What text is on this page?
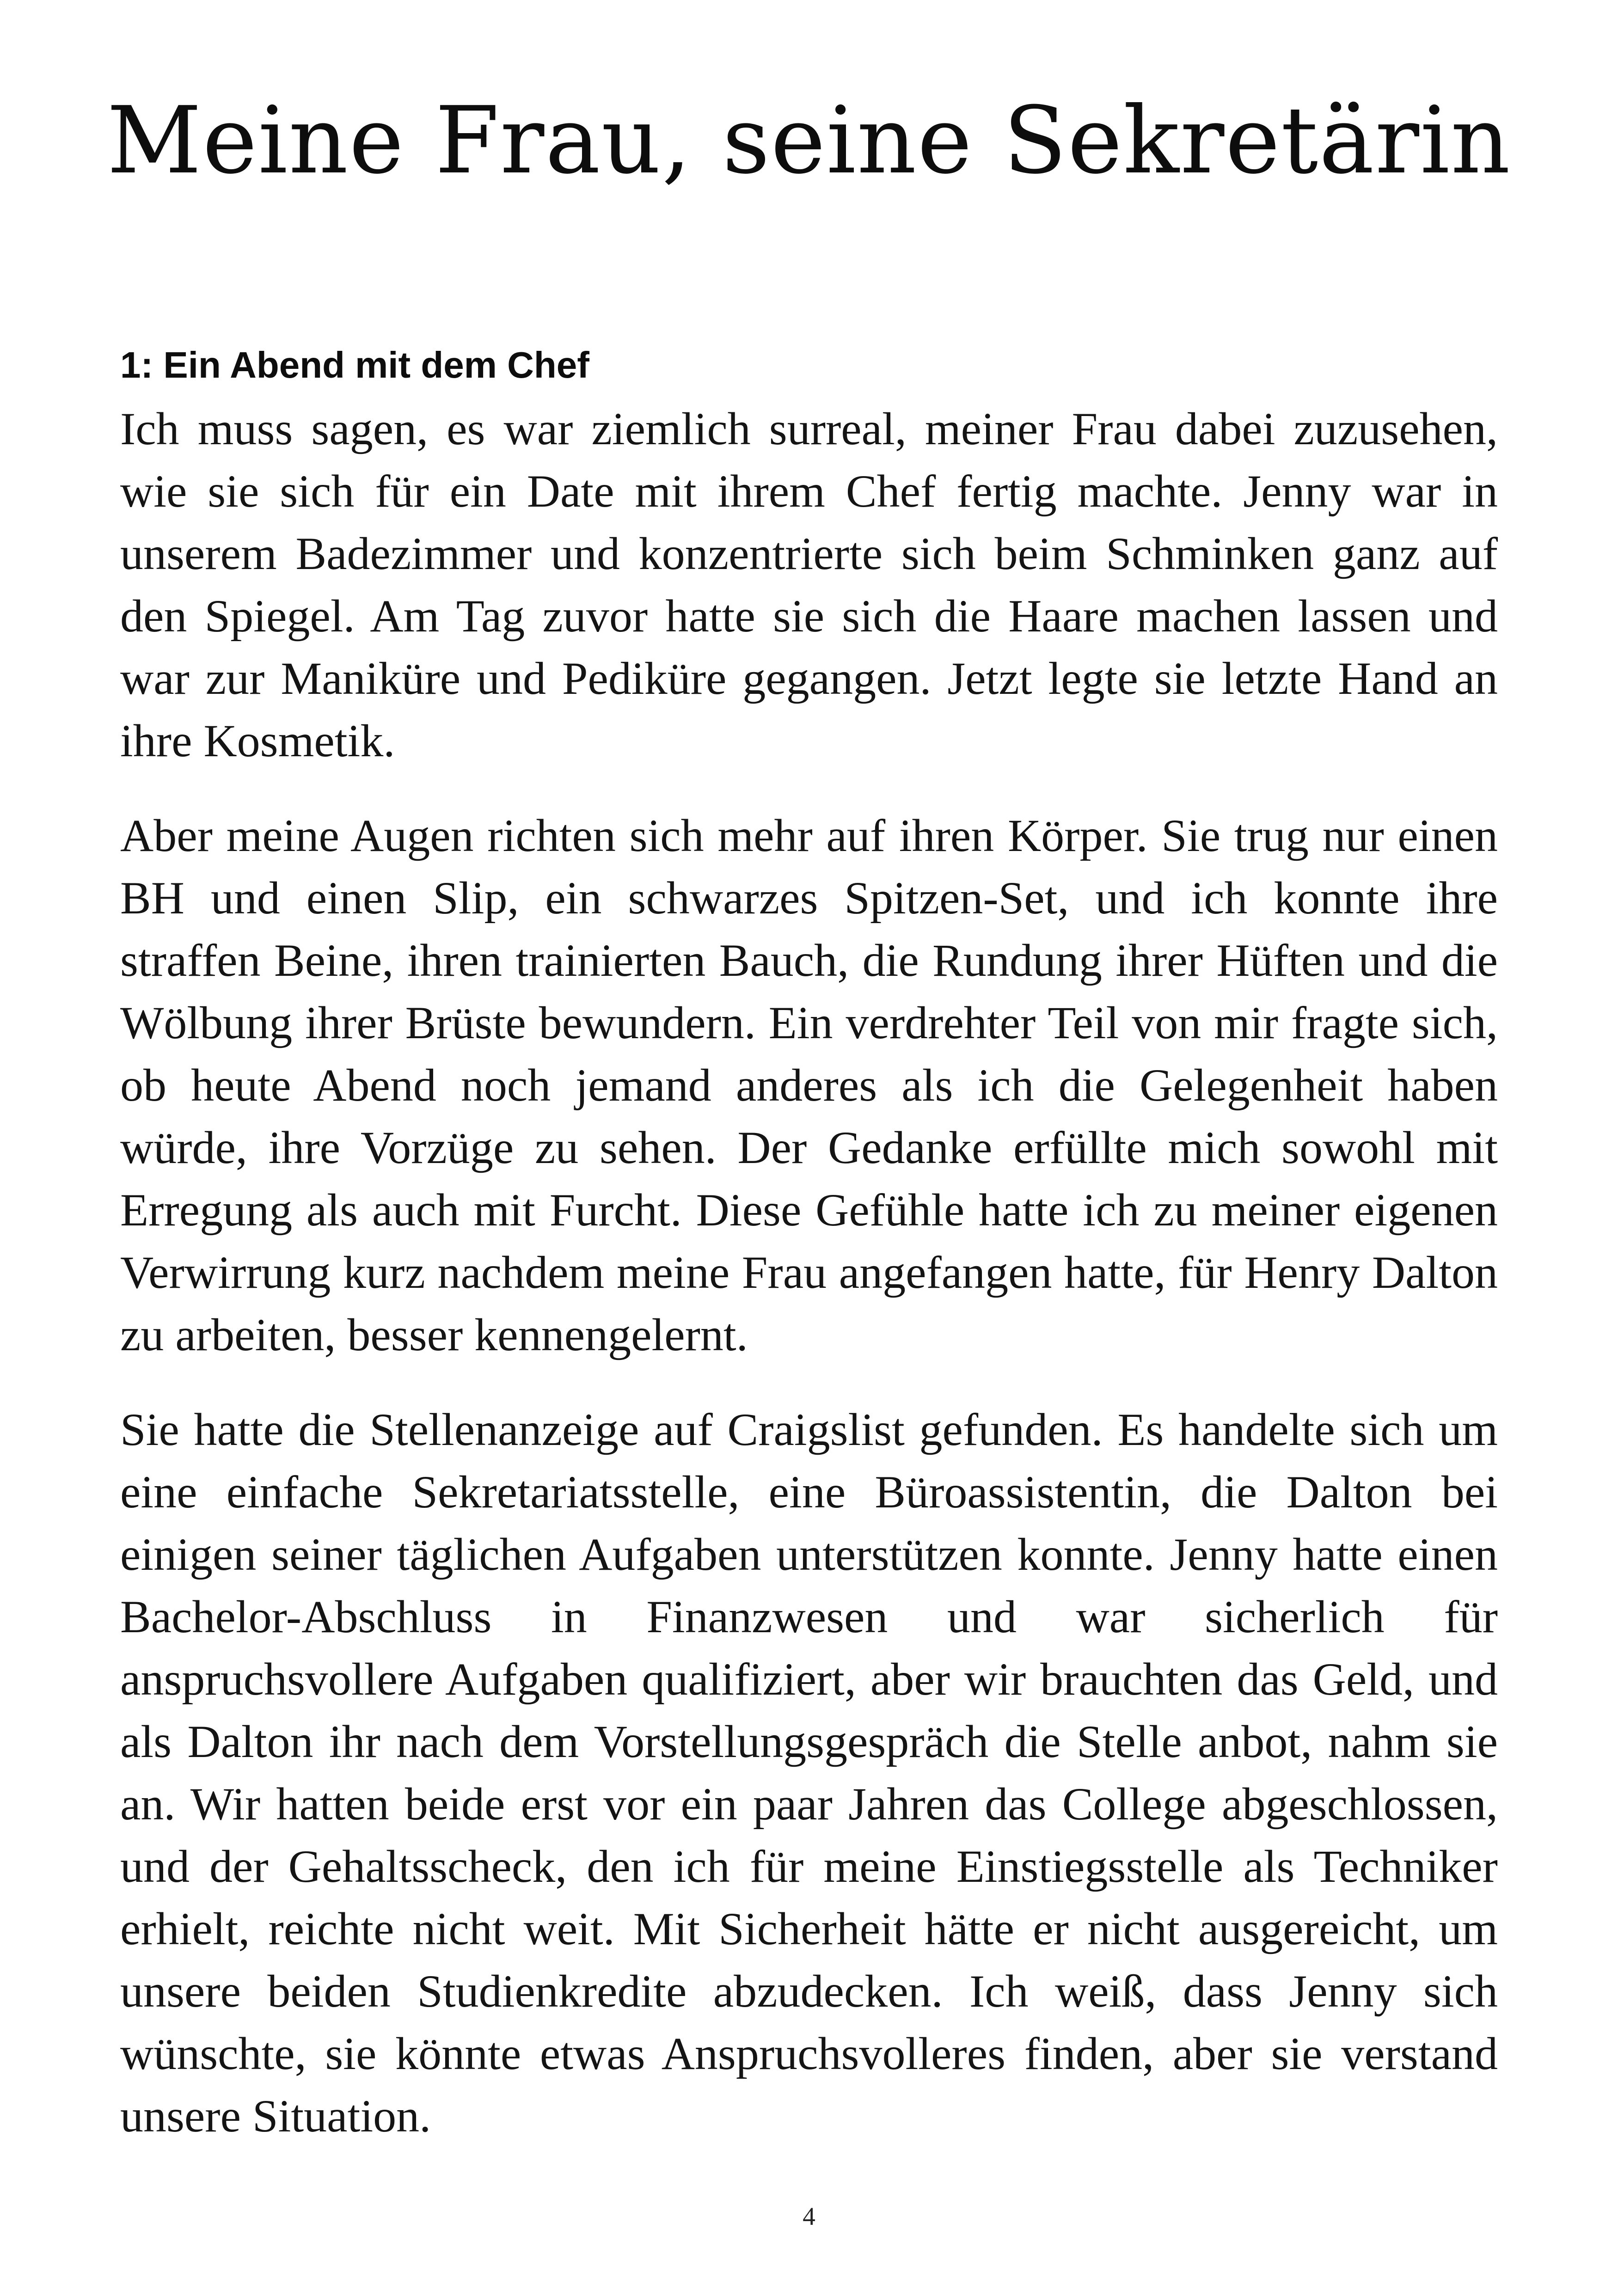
Meine Frau, seine Sekretärin
1: Ein Abend mit dem Chef

Ich muss sagen, es war ziemlich surreal, meiner Frau dabei zuzusehen, wie sie sich für ein Date mit ihrem Chef fertig machte. Jenny war in unserem Badezimmer und konzentrierte sich beim Schminken ganz auf den Spiegel. Am Tag zuvor hatte sie sich die Haare machen lassen und war zur Maniküre und Pediküre gegangen. Jetzt legte sie letzte Hand an ihre Kosmetik.

Aber meine Augen richten sich mehr auf ihren Körper. Sie trug nur einen BH und einen Slip, ein schwarzes Spitzen-Set, und ich konnte ihre straffen Beine, ihren trainierten Bauch, die Rundung ihrer Hüften und die Wölbung ihrer Brüste bewundern. Ein verdrehter Teil von mir fragte sich, ob heute Abend noch jemand anderes als ich die Gelegenheit haben würde, ihre Vorzüge zu sehen. Der Gedanke erfüllte mich sowohl mit Erregung als auch mit Furcht. Diese Gefühle hatte ich zu meiner eigenen Verwirrung kurz nachdem meine Frau angefangen hatte, für Henry Dalton zu arbeiten, besser kennengelernt.

Sie hatte die Stellenanzeige auf Craigslist gefunden. Es handelte sich um eine einfache Sekretariatsstelle, eine Büroassistentin, die Dalton bei einigen seiner täglichen Aufgaben unterstützen konnte. Jenny hatte einen Bachelor-Abschluss in Finanzwesen und war sicherlich für anspruchsvollere Aufgaben qualifiziert, aber wir brauchten das Geld, und als Dalton ihr nach dem Vorstellungsgespräch die Stelle anbot, nahm sie an. Wir hatten beide erst vor ein paar Jahren das College abgeschlossen, und der Gehaltsscheck, den ich für meine Einstiegsstelle als Techniker erhielt, reichte nicht weit. Mit Sicherheit hätte er nicht ausgereicht, um unsere beiden Studienkredite abzudecken. Ich weiß, dass Jenny sich wünschte, sie könnte etwas Anspruchsvolleres finden, aber sie verstand unsere Situation.

4
